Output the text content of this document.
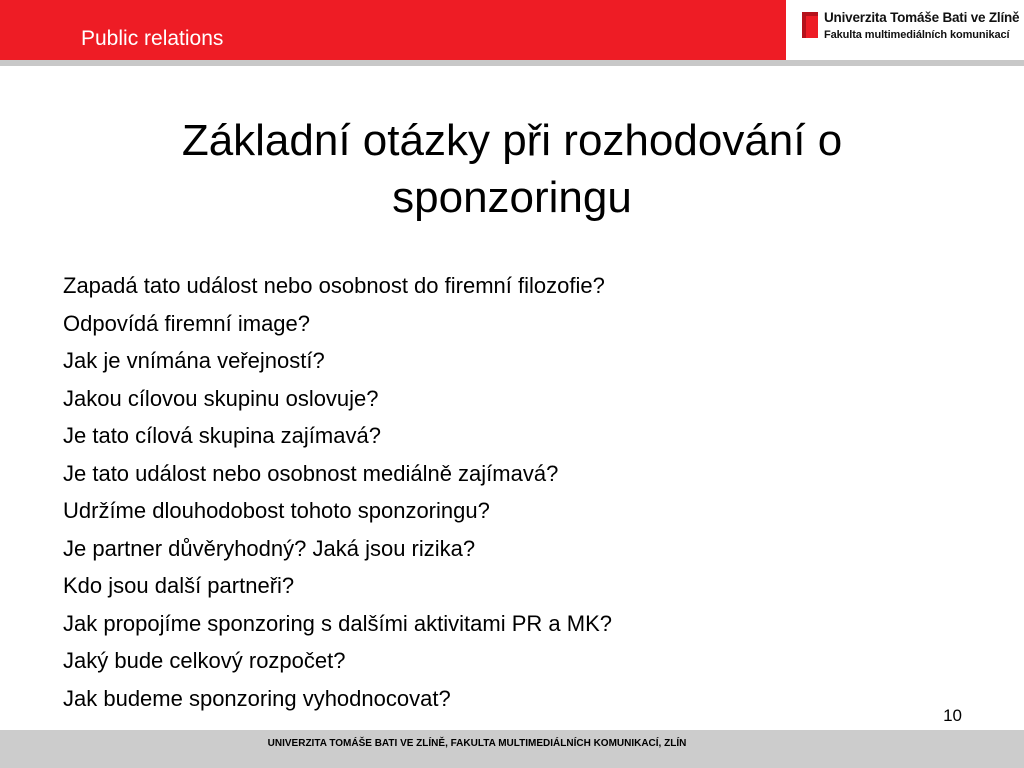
Public relations
Univerzita Tomáše Bati ve Zlíně
Fakulta multimediálních komunikací
Základní otázky při rozhodování o sponzoringu
Zapadá tato událost nebo osobnost do firemní filozofie?
Odpovídá firemní image?
Jak je vnímána veřejností?
Jakou cílovou skupinu oslovuje?
Je tato cílová skupina zajímavá?
Je tato událost nebo osobnost mediálně zajímavá?
Udržíme dlouhodobost tohoto sponzoringu?
Je partner důvěryhodný? Jaká jsou rizika?
Kdo jsou další partneři?
Jak propojíme sponzoring s dalšími aktivitami PR a MK?
Jaký bude celkový rozpočet?
Jak budeme sponzoring vyhodnocovat?
10
UNIVERZITA TOMÁŠE BATI VE ZLÍNĚ, FAKULTA MULTIMEDIÁLNÍCH KOMUNIKACÍ, ZLÍN
